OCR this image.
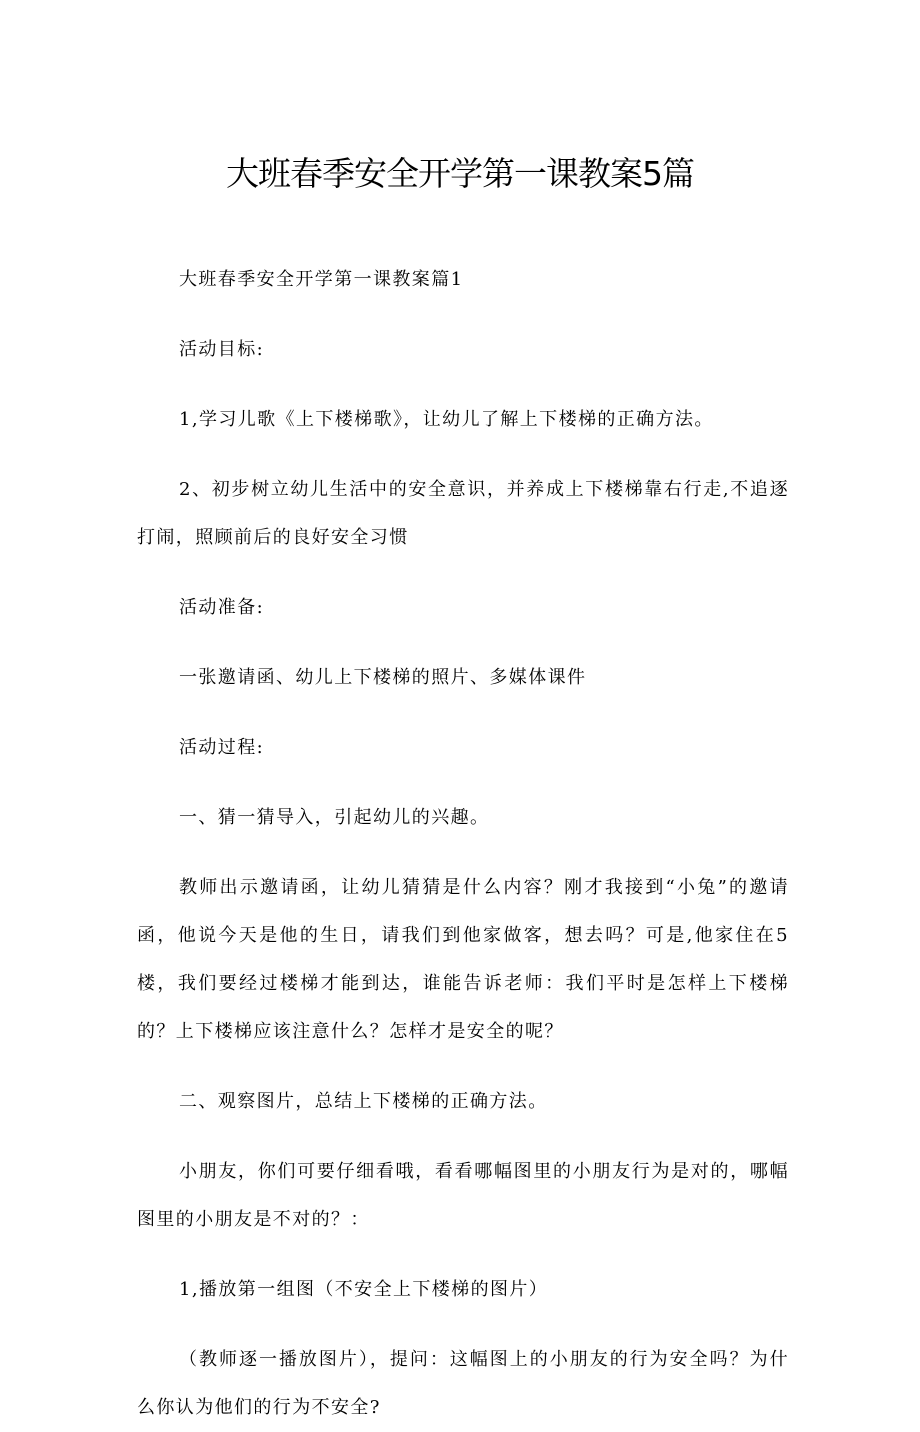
大班春季安全开学第一课教案5篇

大班春季安全开学第一课教案篇1

活动目标:

1,学习儿歌《上下楼梯歌》，让幼儿了解上下楼梯的正确方法。

2、初步树立幼儿生活中的安全意识，并养成上下楼梯靠右行走,不追逐打闹，照顾前后的良好安全习惯

活动准备:

一张邀请函、幼儿上下楼梯的照片、多媒体课件

活动过程:

一、猜一猜导入，引起幼儿的兴趣。

教师出示邀请函，让幼儿猜猜是什么内容？刚才我接到“小兔”的邀请函，他说今天是他的生日，请我们到他家做客，想去吗？可是,他家住在5楼，我们要经过楼梯才能到达，谁能告诉老师：我们平时是怎样上下楼梯的？上下楼梯应该注意什么？怎样才是安全的呢？

二、观察图片，总结上下楼梯的正确方法。

小朋友，你们可要仔细看哦，看看哪幅图里的小朋友行为是对的，哪幅图里的小朋友是不对的？：

1,播放第一组图（不安全上下楼梯的图片）

（教师逐一播放图片），提问：这幅图上的小朋友的行为安全吗？为什么你认为他们的行为不安全?
